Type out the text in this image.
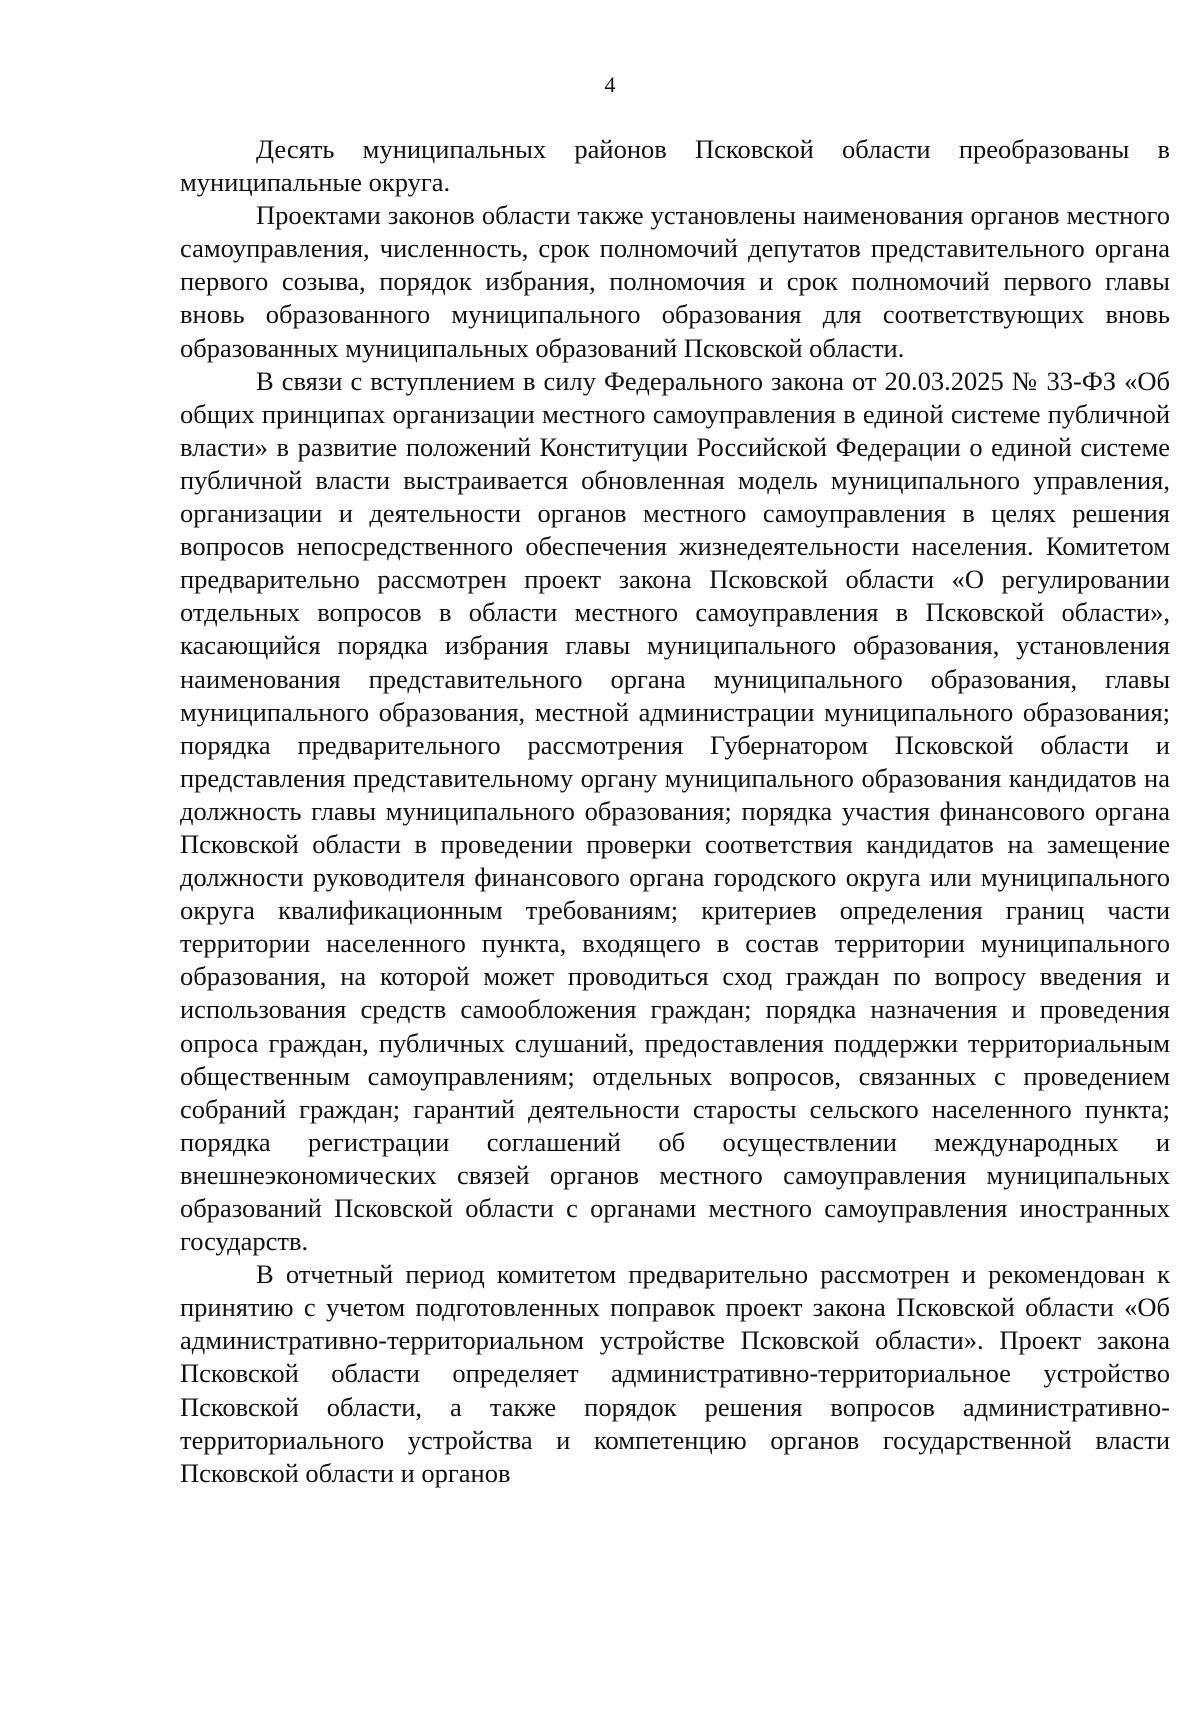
4

Десять муниципальных районов Псковской области преобразованы в муниципальные округа.

Проектами законов области также установлены наименования органов местного самоуправления, численность, срок полномочий депутатов представительного органа первого созыва, порядок избрания, полномочия и срок полномочий первого главы вновь образованного муниципального образования для соответствующих вновь образованных муниципальных образований Псковской области.

В связи с вступлением в силу Федерального закона от 20.03.2025 № 33-ФЗ «Об общих принципах организации местного самоуправления в единой системе публичной власти» в развитие положений Конституции Российской Федерации о единой системе публичной власти выстраивается обновленная модель муниципального управления, организации и деятельности органов местного самоуправления в целях решения вопросов непосредственного обеспечения жизнедеятельности населения. Комитетом предварительно рассмотрен проект закона Псковской области «О регулировании отдельных вопросов в области местного самоуправления в Псковской области», касающийся порядка избрания главы муниципального образования, установления наименования представительного органа муниципального образования, главы муниципального образования, местной администрации муниципального образования; порядка предварительного рассмотрения Губернатором Псковской области и представления представительному органу муниципального образования кандидатов на должность главы муниципального образования; порядка участия финансового органа Псковской области в проведении проверки соответствия кандидатов на замещение должности руководителя финансового органа городского округа или муниципального округа квалификационным требованиям; критериев определения границ части территории населенного пункта, входящего в состав территории муниципального образования, на которой может проводиться сход граждан по вопросу введения и использования средств самообложения граждан; порядка назначения и проведения опроса граждан, публичных слушаний, предоставления поддержки территориальным общественным самоуправлениям; отдельных вопросов, связанных с проведением собраний граждан; гарантий деятельности старосты сельского населенного пункта; порядка регистрации соглашений об осуществлении международных и внешнеэкономических связей органов местного самоуправления муниципальных образований Псковской области с органами местного самоуправления иностранных государств.

В отчетный период комитетом предварительно рассмотрен и рекомендован к принятию с учетом подготовленных поправок проект закона Псковской области «Об административно-территориальном устройстве Псковской области». Проект закона Псковской области определяет административно-территориальное устройство Псковской области, а также порядок решения вопросов административно-территориального устройства и компетенцию органов государственной власти Псковской области и органов
